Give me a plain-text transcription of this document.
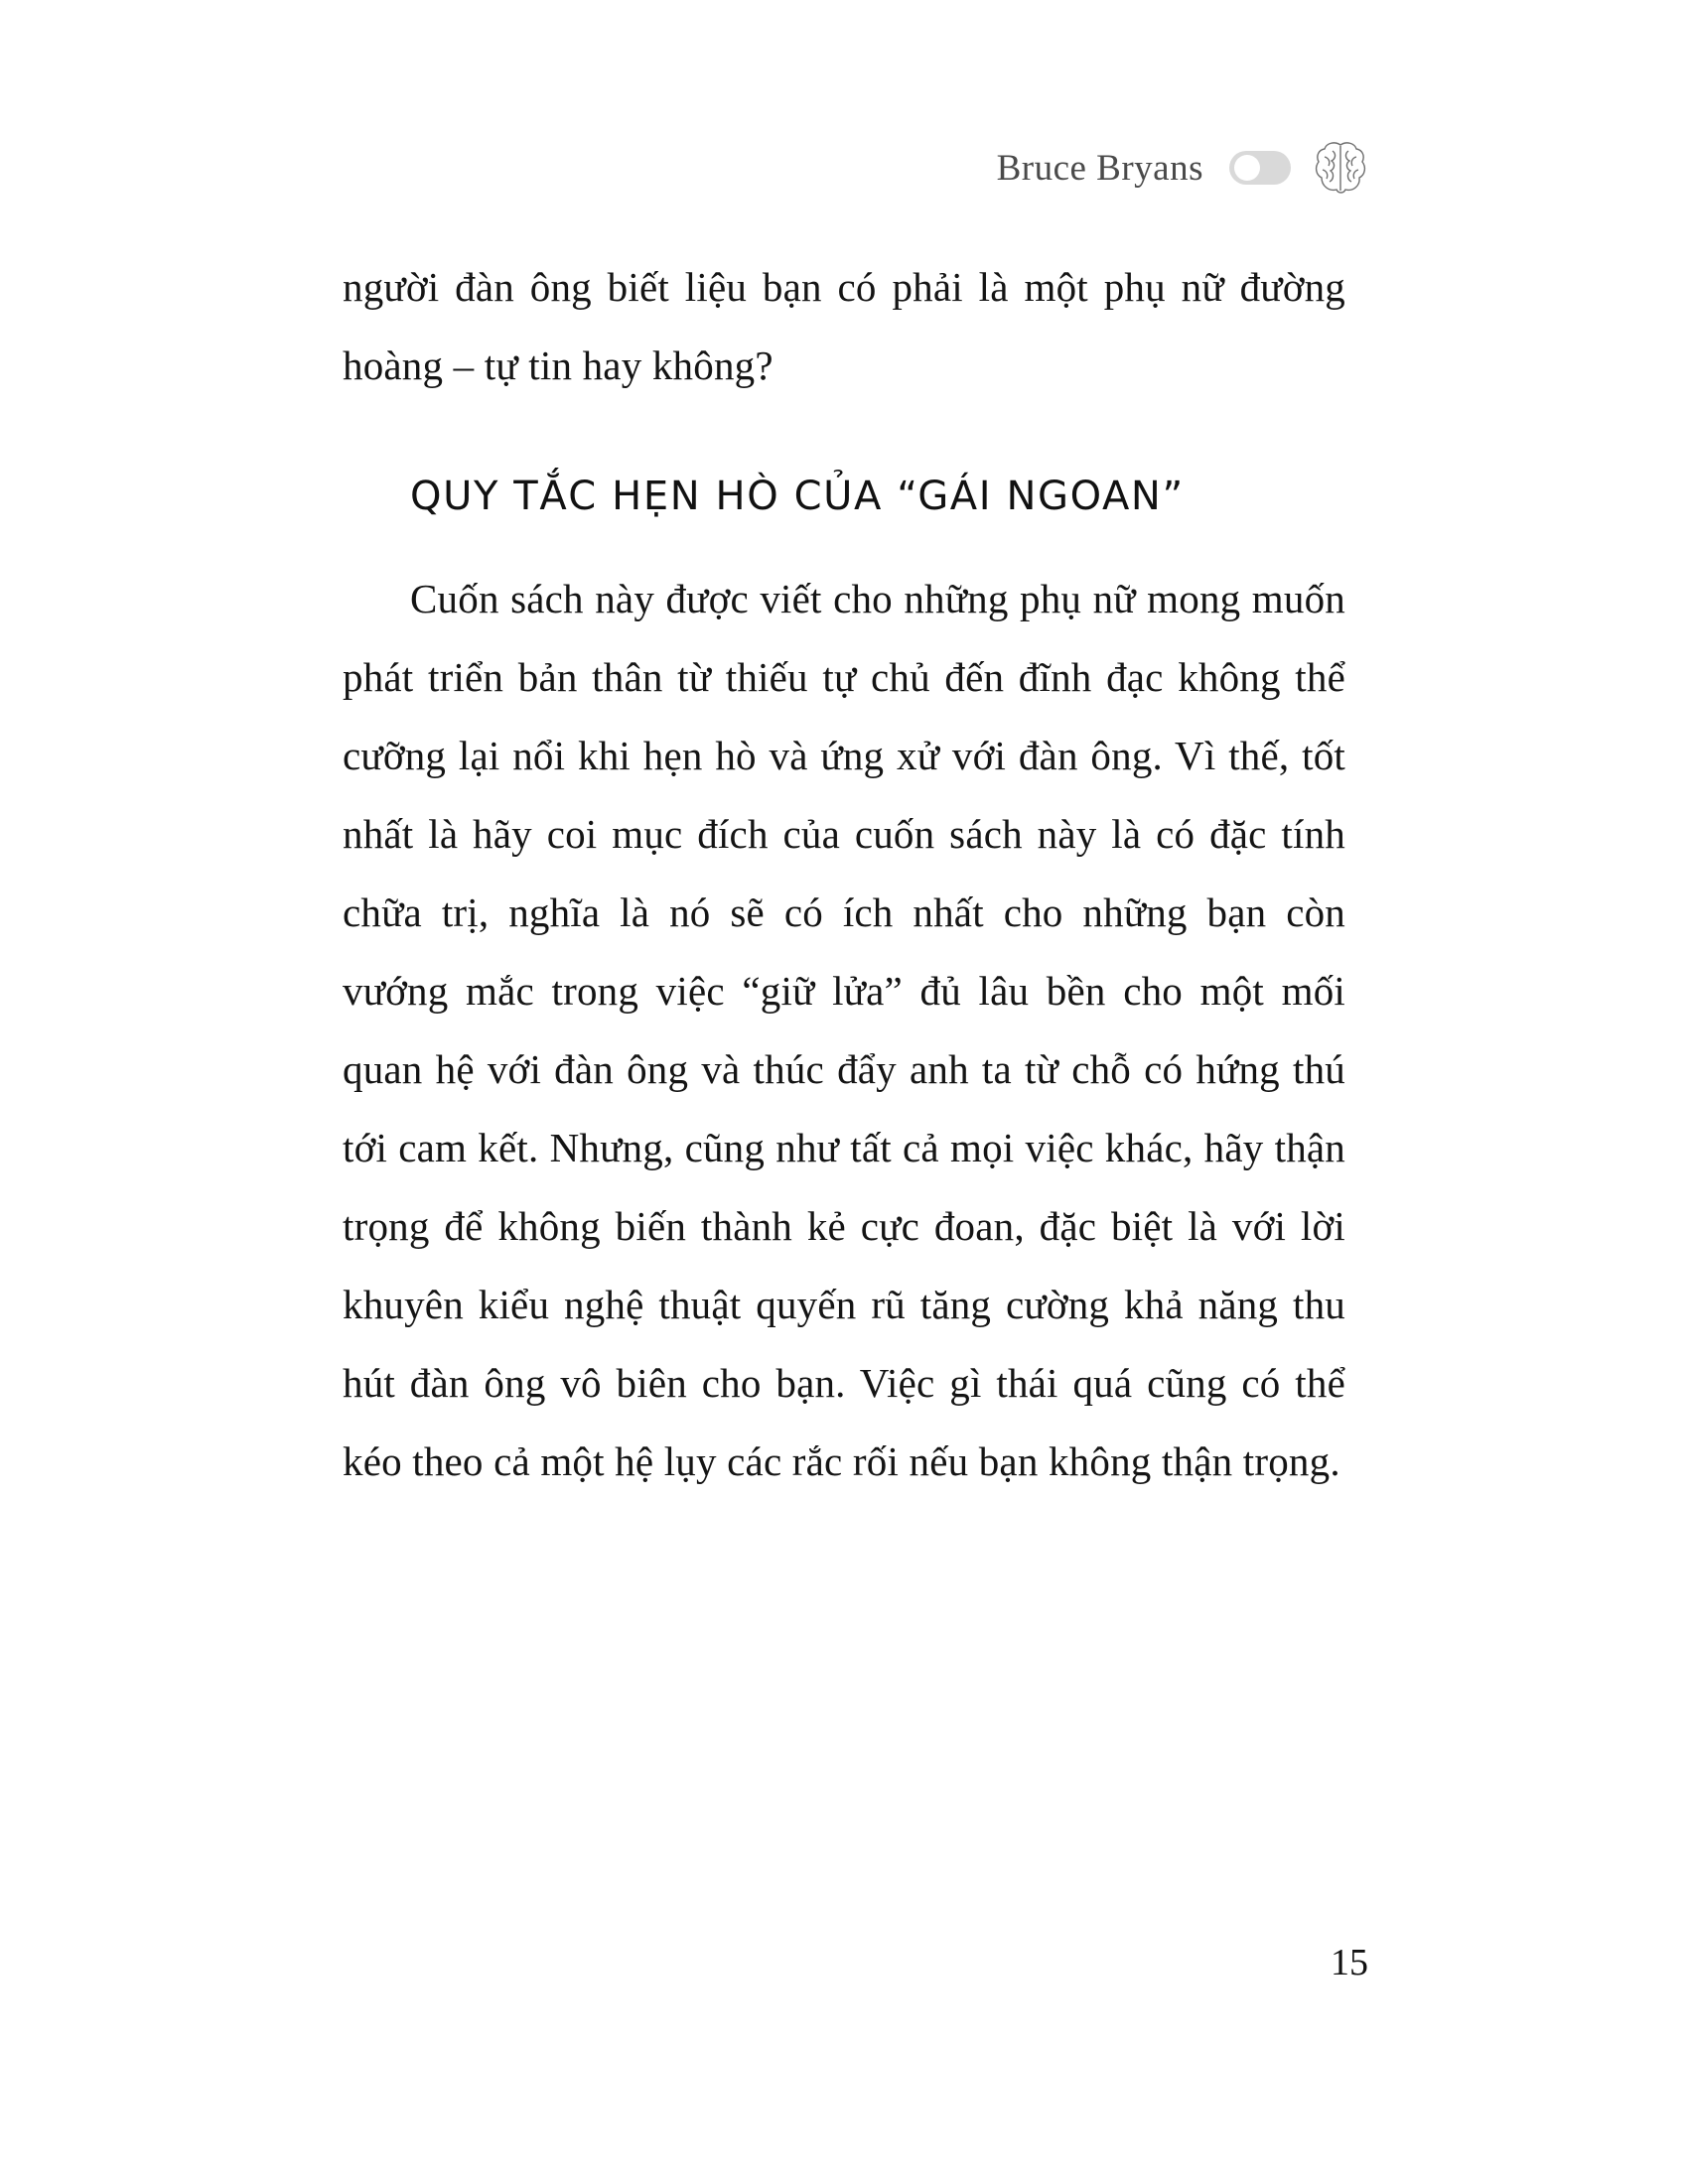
Bruce Bryans

người đàn ông biết liệu bạn có phải là một phụ nữ đường hoàng – tự tin hay không?

QUY TẮC HẸN HÒ CỦA “GÁI NGOAN”

Cuốn sách này được viết cho những phụ nữ mong muốn phát triển bản thân từ thiếu tự chủ đến đĩnh đạc không thể cưỡng lại nổi khi hẹn hò và ứng xử với đàn ông. Vì thế, tốt nhất là hãy coi mục đích của cuốn sách này là có đặc tính chữa trị, nghĩa là nó sẽ có ích nhất cho những bạn còn vướng mắc trong việc “giữ lửa” đủ lâu bền cho một mối quan hệ với đàn ông và thúc đẩy anh ta từ chỗ có hứng thú tới cam kết. Nhưng, cũng như tất cả mọi việc khác, hãy thận trọng để không biến thành kẻ cực đoan, đặc biệt là với lời khuyên kiểu nghệ thuật quyến rũ tăng cường khả năng thu hút đàn ông vô biên cho bạn. Việc gì thái quá cũng có thể kéo theo cả một hệ lụy các rắc rối nếu bạn không thận trọng.

15
